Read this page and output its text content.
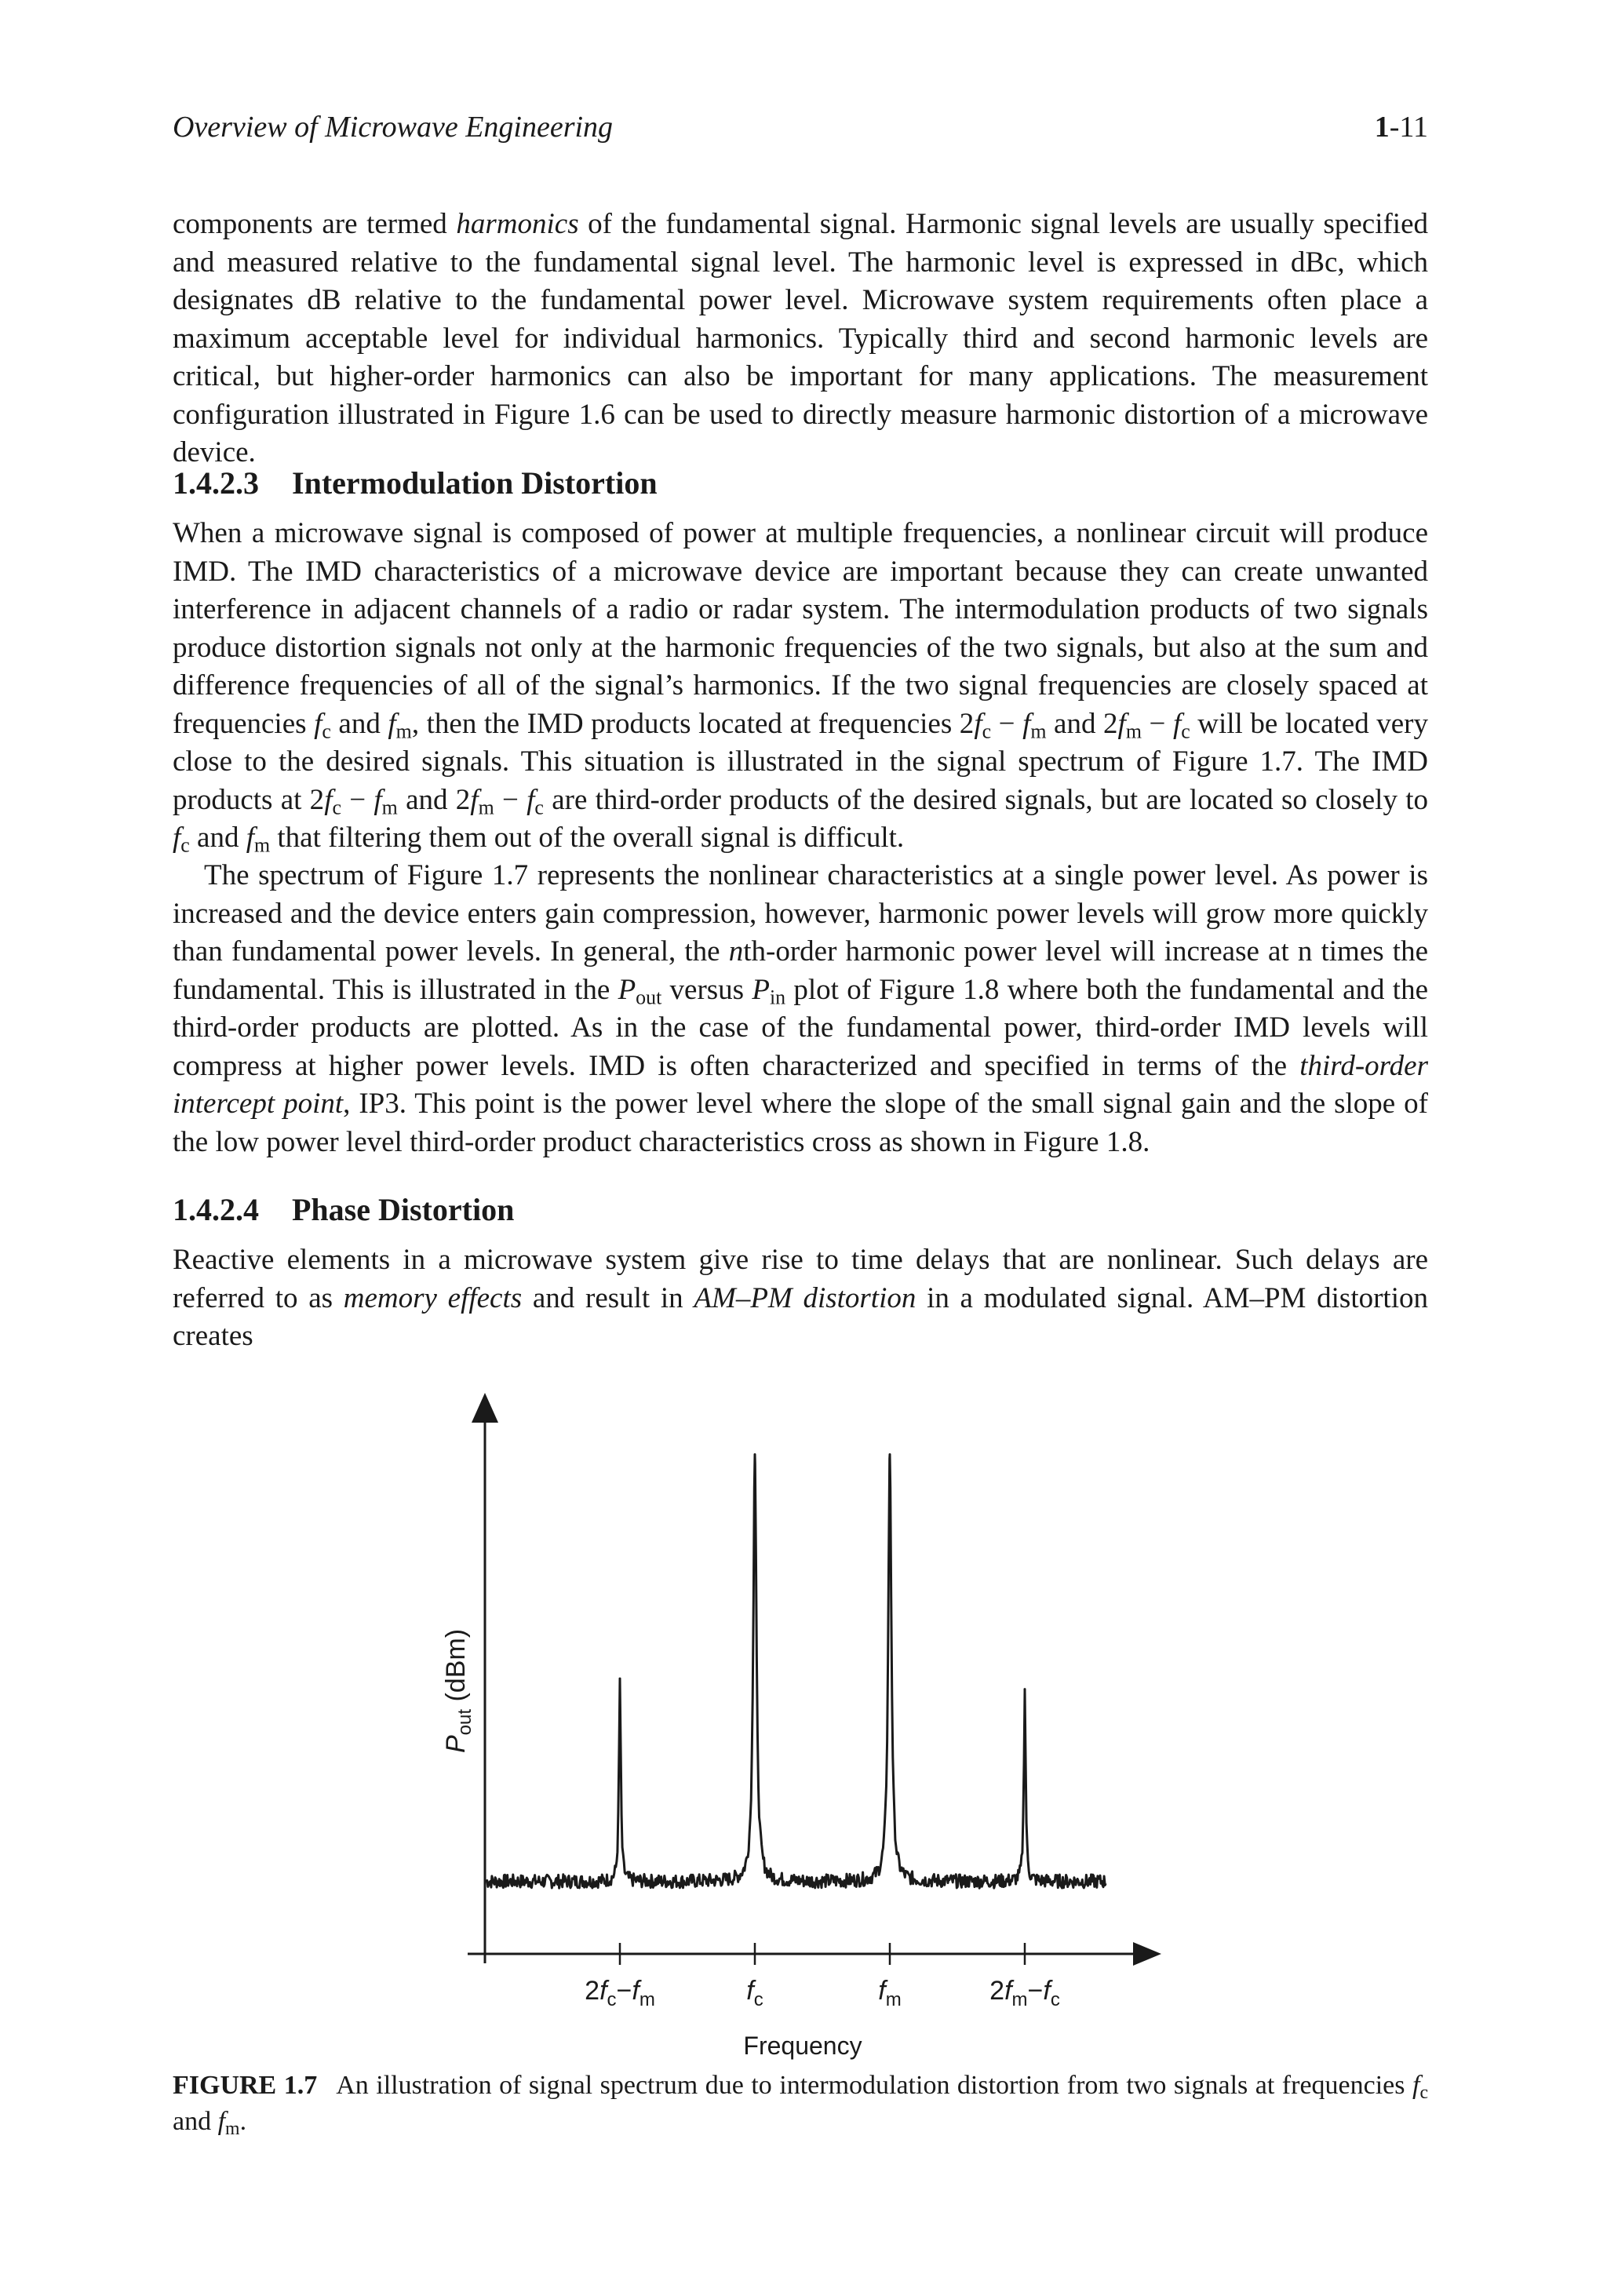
Overview of Microwave Engineering	1-11

components are termed harmonics of the fundamental signal. Harmonic signal levels are usually specified and measured relative to the fundamental signal level. The harmonic level is expressed in dBc, which designates dB relative to the fundamental power level. Microwave system requirements often place a maximum acceptable level for individual harmonics. Typically third and second harmonic levels are critical, but higher-order harmonics can also be important for many applications. The measurement configuration illustrated in Figure 1.6 can be used to directly measure harmonic distortion of a microwave device.

1.4.2.3 Intermodulation Distortion

When a microwave signal is composed of power at multiple frequencies, a nonlinear circuit will produce IMD. The IMD characteristics of a microwave device are important because they can create unwanted interference in adjacent channels of a radio or radar system. The intermodulation products of two signals produce distortion signals not only at the harmonic frequencies of the two signals, but also at the sum and difference frequencies of all of the signal’s harmonics. If the two signal frequencies are closely spaced at frequencies $f_c$ and $f_m$, then the IMD products located at frequencies $2f_c - f_m$ and $2f_m - f_c$ will be located very close to the desired signals. This situation is illustrated in the signal spectrum of Figure 1.7. The IMD products at $2f_c - f_m$ and $2f_m - f_c$ are third-order products of the desired signals, but are located so closely to $f_c$ and $f_m$ that filtering them out of the overall signal is difficult.

The spectrum of Figure 1.7 represents the nonlinear characteristics at a single power level. As power is increased and the device enters gain compression, however, harmonic power levels will grow more quickly than fundamental power levels. In general, the nth-order harmonic power level will increase at n times the fundamental. This is illustrated in the $P_{out}$ versus $P_{in}$ plot of Figure 1.8 where both the fundamental and the third-order products are plotted. As in the case of the fundamental power, third-order IMD levels will compress at higher power levels. IMD is often characterized and specified in terms of the third-order intercept point, IP3. This point is the power level where the slope of the small signal gain and the slope of the low power level third-order product characteristics cross as shown in Figure 1.8.

1.4.2.4 Phase Distortion

Reactive elements in a microwave system give rise to time delays that are nonlinear. Such delays are referred to as memory effects and result in AM–PM distortion in a modulated signal. AM–PM distortion creates

$2f_c-f_m$	$f_c$	$f_m$	$2f_m-f_c$
Frequency
$P_{out}$ (dBm)

FIGURE 1.7 An illustration of signal spectrum due to intermodulation distortion from two signals at frequencies $f_c$ and $f_m$.
